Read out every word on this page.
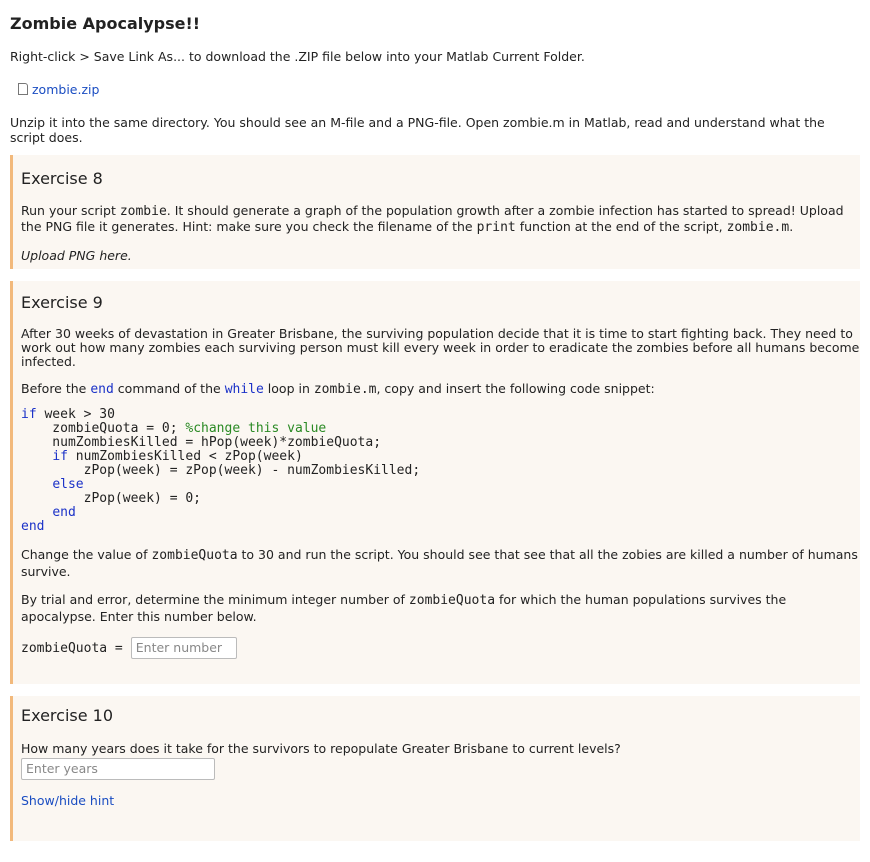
Zombie Apocalypse!!

Right-click > Save Link As... to download the .ZIP file below into your Matlab Current Folder.

zombie.zip

Unzip it into the same directory. You should see an M-file and a PNG-file. Open zombie.m in Matlab, read and understand what the script does.

Exercise 8

Run your script zombie. It should generate a graph of the population growth after a zombie infection has started to spread! Upload the PNG file it generates. Hint: make sure you check the filename of the print function at the end of the script, zombie.m.

Upload PNG here.

Exercise 9

After 30 weeks of devastation in Greater Brisbane, the surviving population decide that it is time to start fighting back. They need to work out how many zombies each surviving person must kill every week in order to eradicate the zombies before all humans become infected.

Before the end command of the while loop in zombie.m, copy and insert the following code snippet:

if week > 30
zombieQuota = 0; %change this value
numZombiesKilled = hPop(week)*zombieQuota;
if numZombiesKilled < zPop(week)
zPop(week) = zPop(week) - numZombiesKilled;
else
zPop(week) = 0;
end
end

Change the value of zombieQuota to 30 and run the script. You should see that see that all the zobies are killed a number of humans survive.

By trial and error, determine the minimum integer number of zombieQuota for which the human populations survives the apocalypse. Enter this number below.

zombieQuota =	Enter number
Exercise 10

How many years does it take for the survivors to repopulate Greater Brisbane to current levels?

Enter years

Show/hide hint
